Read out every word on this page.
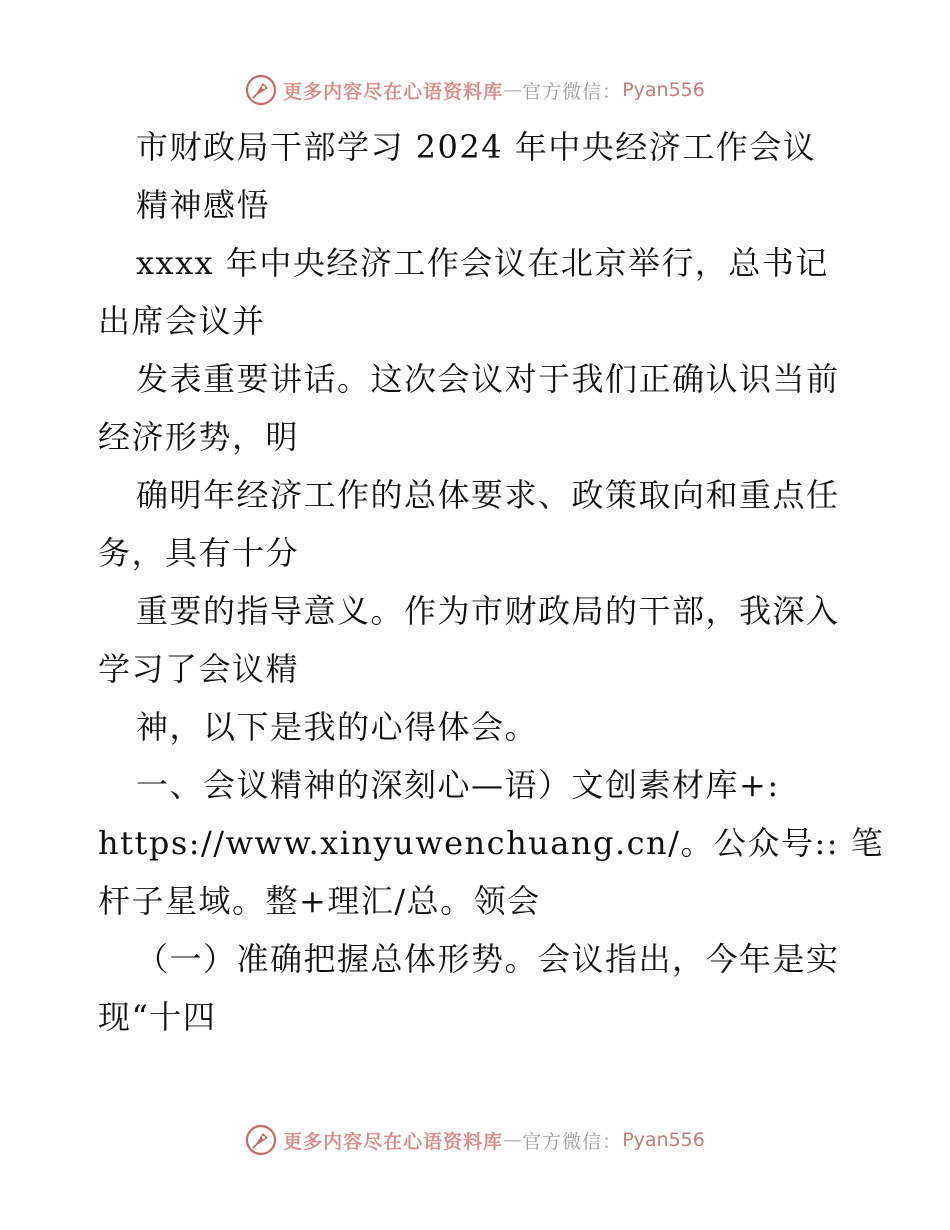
更多内容尽在心语资料库 — 官方微信： Pyan556
市财政局干部学习 2024 年中央经济工作会议
精神感悟
xxxx 年中央经济工作会议在北京举行，总书记
出席会议并
发表重要讲话。这次会议对于我们正确认识当前
经济形势，明
确明年经济工作的总体要求、政策取向和重点任
务，具有十分
重要的指导意义。作为市财政局的干部，我深入
学习了会议精
神，以下是我的心得体会。
一、会议精神的深刻心—语）文创素材库+:
https://www.xinyuwenchuang.cn/。公众号:: 笔
杆子星域。整+理汇/总。领会
（一）准确把握总体形势。会议指出，今年是实
现“十四
更多内容尽在心语资料库 — 官方微信： Pyan556
